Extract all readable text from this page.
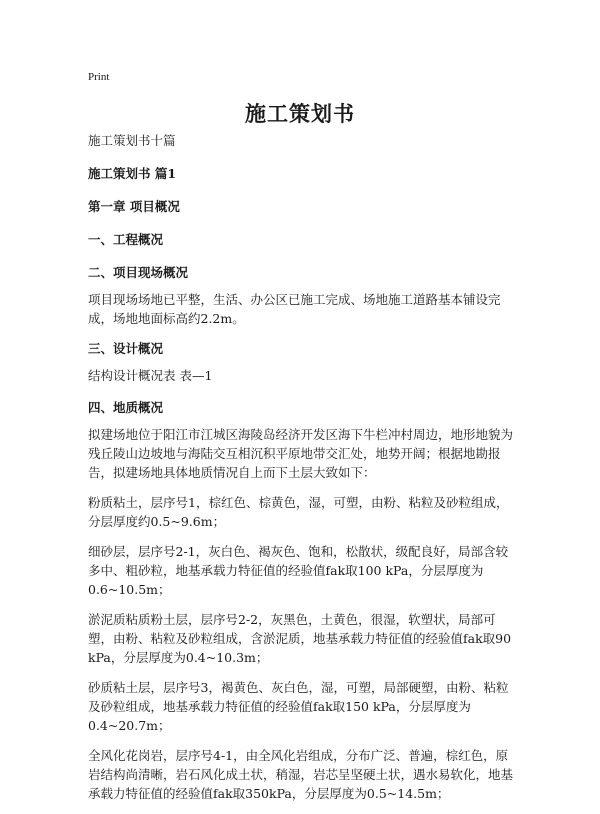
Print
施工策划书

施工策划书十篇

施工策划书 篇1

第一章 项目概况

一、工程概况

二、项目现场概况

项目现场场地已平整，生活、办公区已施工完成、场地施工道路基本铺设完成，场地地面标高约2.2m。

三、设计概况

结构设计概况表 表—1

四、地质概况

拟建场地位于阳江市江城区海陵岛经济开发区海下牛栏冲村周边，地形地貌为残丘陵山边坡地与海陆交互相沉积平原地带交汇处，地势开阔；根据地勘报告，拟建场地具体地质情况自上而下土层大致如下：

粉质粘土，层序号1，棕红色、棕黄色，湿，可塑，由粉、粘粒及砂粒组成，分层厚度约0.5~9.6m；

细砂层，层序号2-1，灰白色、褐灰色、饱和，松散状，级配良好，局部含较多中、粗砂粒，地基承载力特征值的经验值fak取100 kPa，分层厚度为0.6~10.5m；

淤泥质粘质粉土层，层序号2-2，灰黑色，土黄色，很湿，软塑状，局部可塑，由粉、粘粒及砂粒组成，含淤泥质，地基承载力特征值的经验值fak取90 kPa，分层厚度为0.4~10.3m；

砂质粘土层，层序号3，褐黄色、灰白色，湿，可塑，局部硬塑，由粉、粘粒及砂粒组成，地基承载力特征值的经验值fak取150 kPa，分层厚度为0.4~20.7m；

全风化花岗岩，层序号4-1，由全风化岩组成，分布广泛、普遍，棕红色，原岩结构尚清晰，岩石风化成土状，稍湿，岩芯呈坚硬土状，遇水易软化，地基承载力特征值的经验值fak取350kPa，分层厚度为0.5~14.5m；
